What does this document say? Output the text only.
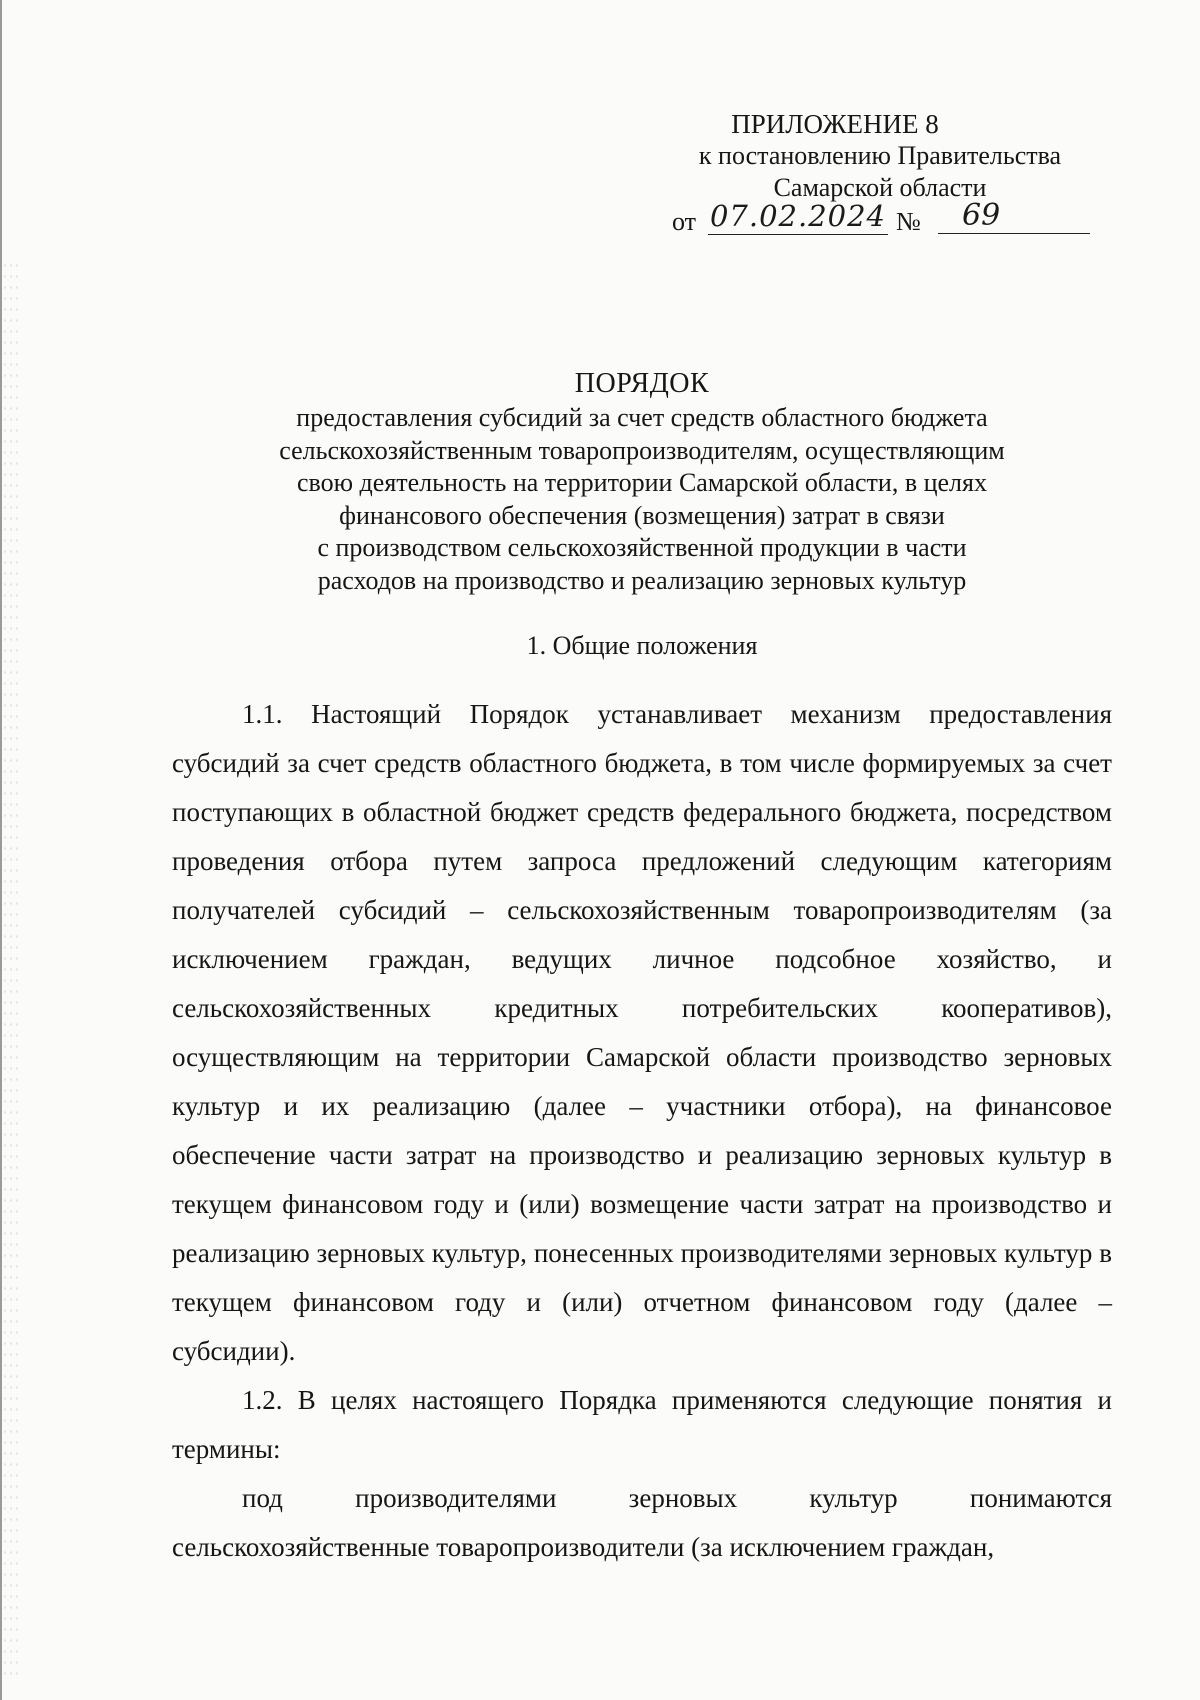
ПРИЛОЖЕНИЕ 8
к постановлению Правительства
Самарской области
от 07.02.2024 №	69
ПОРЯДОК
предоставления субсидий за счет средств областного бюджета
сельскохозяйственным товаропроизводителям, осуществляющим
свою деятельность на территории Самарской области, в целях
финансового обеспечения (возмещения) затрат в связи
с производством сельскохозяйственной продукции в части
расходов на производство и реализацию зерновых культур
1. Общие положения

1.1. Настоящий Порядок устанавливает механизм предоставления субсидий за счет средств областного бюджета, в том числе формируемых за счет поступающих в областной бюджет средств федерального бюджета, посредством проведения отбора путем запроса предложений следующим категориям получателей субсидий – сельскохозяйственным товаропроизводителям (за исключением граждан, ведущих личное подсобное хозяйство, и сельскохозяйственных кредитных потребительских кооперативов), осуществляющим на территории Самарской области производство зерновых культур и их реализацию (далее – участники отбора), на финансовое обеспечение части затрат на производство и реализацию зерновых культур в текущем финансовом году и (или) возмещение части затрат на производство и реализацию зерновых культур, понесенных производителями зерновых культур в текущем финансовом году и (или) отчетном финансовом году (далее – субсидии).

1.2. В целях настоящего Порядка применяются следующие понятия и термины:

под производителями зерновых культур понимаются сельскохозяйственные товаропроизводители (за исключением граждан,
